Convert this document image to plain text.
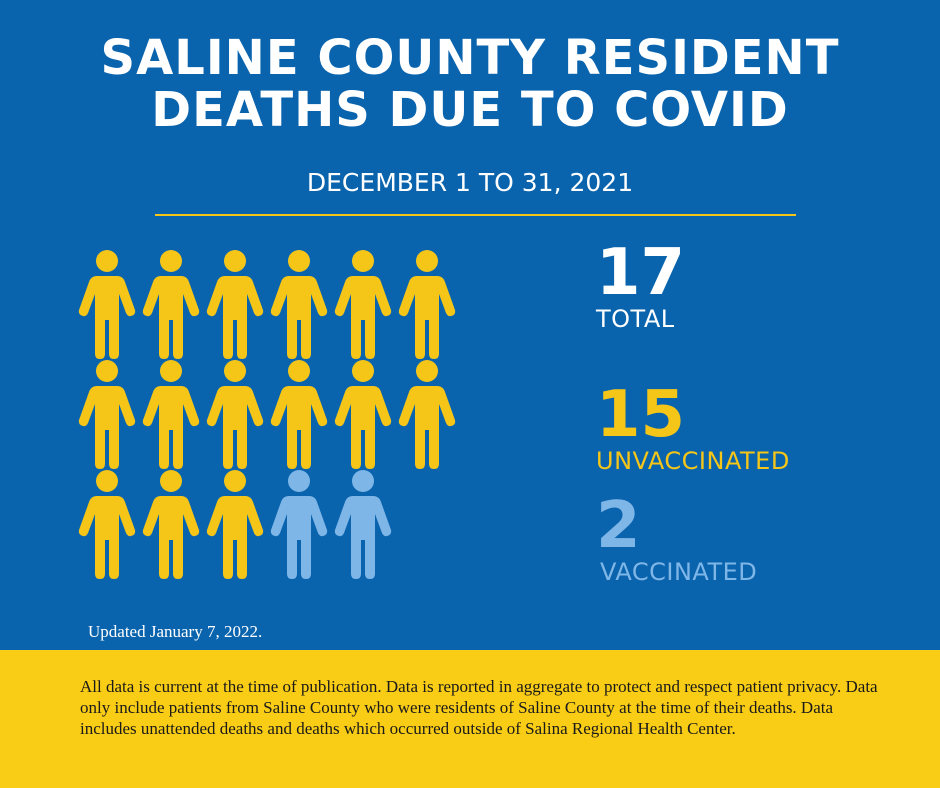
SALINE COUNTY RESIDENT
DEATHS DUE TO COVID
DECEMBER 1 TO 31, 2021
17
TOTAL
15
UNVACCINATED
2
VACCINATED
Updated January 7, 2022.

All data is current at the time of publication. Data is reported in aggregate to protect and respect patient privacy. Data only include patients from Saline County who were residents of Saline County at the time of their deaths. Data includes unattended deaths and deaths which occurred outside of Salina Regional Health Center.
